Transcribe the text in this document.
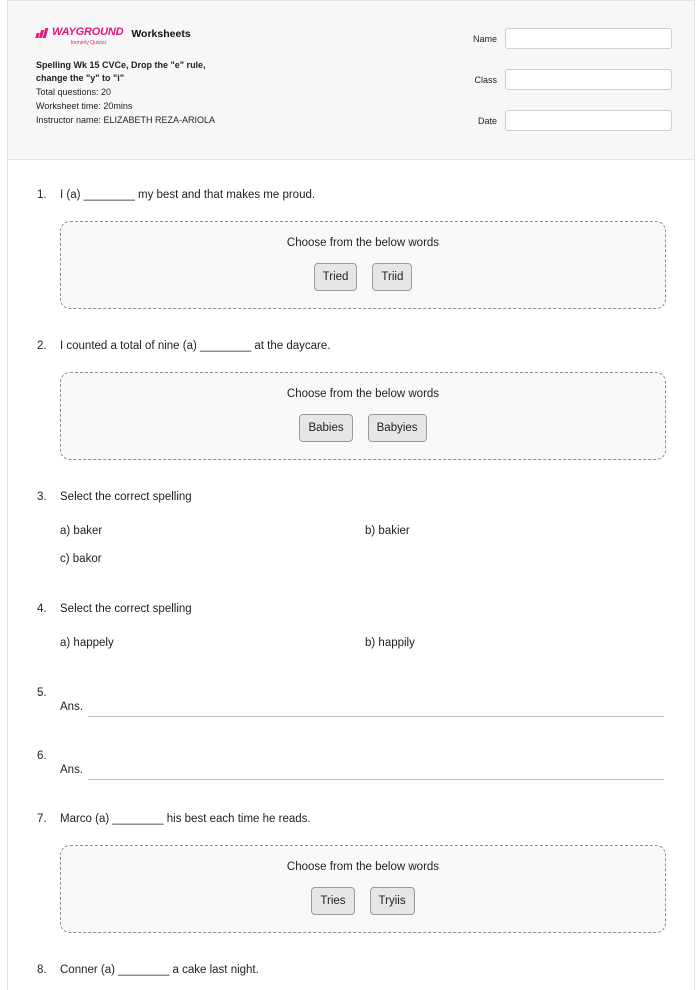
WAYGROUND
formerly Quizizz
Worksheets
Spelling Wk 15 CVCe, Drop the "e" rule,
change the "y" to "i"
Total questions: 20
Worksheet time: 20mins
Instructor name: ELIZABETH REZA-ARIOLA
Name
Class
Date
1. I (a) ________ my best and that makes me proud.
Choose from the below words
Tried	Triid
2. I counted a total of nine (a) ________ at the daycare.
Choose from the below words
Babies	Babyies
3. Select the correct spelling
a) baker	b) bakier
c) bakor
4. Select the correct spelling
a) happely	b) happily
5.
Ans.
6.
Ans.
7. Marco (a) ________ his best each time he reads.
Choose from the below words
Tries	Tryiis
8. Conner (a) ________ a cake last night.
